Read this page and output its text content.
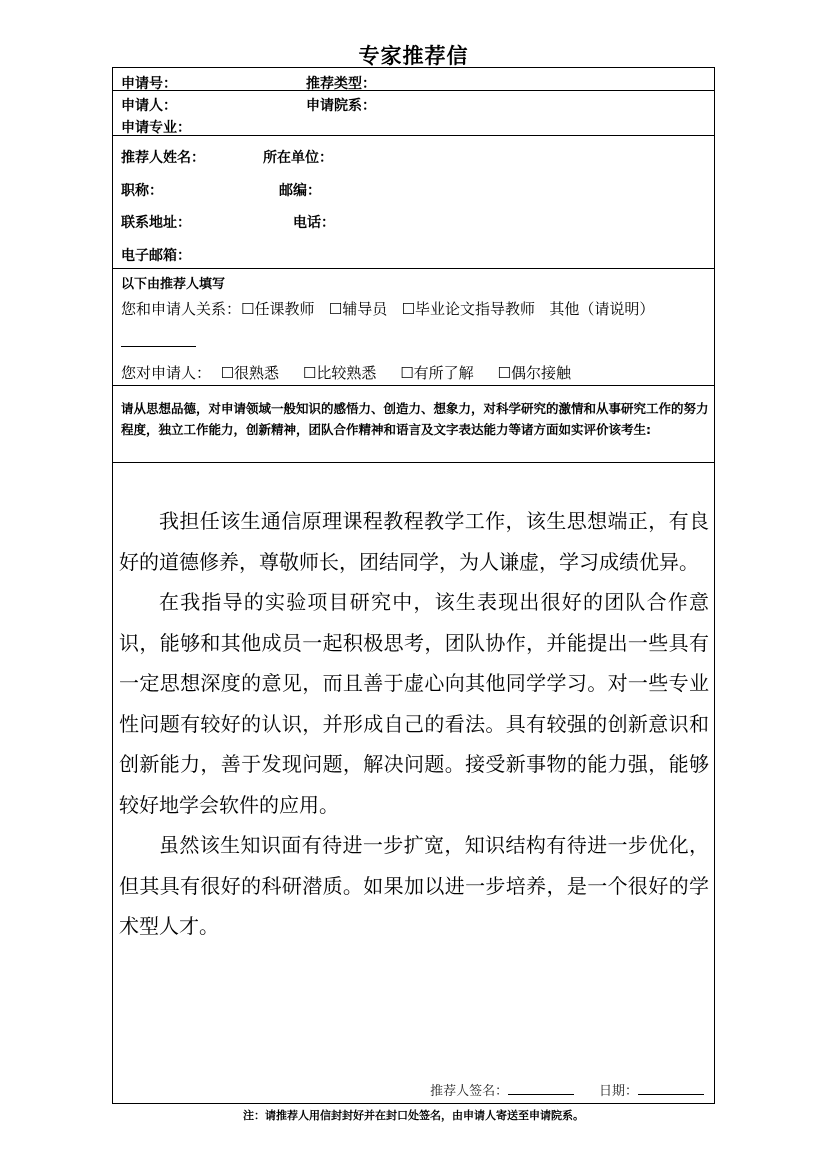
专家推荐信
申请号：	推荐类型：
申请人：	申请院系：
申请专业：
推荐人姓名：	所在单位：
职称：	邮编：
联系地址：	电话：
电子邮箱：
以下由推荐人填写
您和申请人关系：☐任课教师 ☐辅导员 ☐毕业论文指导教师 其他（请说明）
您对申请人： ☐很熟悉 ☐比较熟悉 ☐有所了解 ☐偶尔接触
请从思想品德，对申请领域一般知识的感悟力、创造力、想象力，对科学研究的激情和从事研究工作的努力程度，独立工作能力，创新精神，团队合作精神和语言及文字表达能力等诸方面如实评价该考生:

我担任该生通信原理课程教程教学工作，该生思想端正，有良好的道德修养，尊敬师长，团结同学，为人谦虚，学习成绩优异。

在我指导的实验项目研究中，该生表现出很好的团队合作意识，能够和其他成员一起积极思考，团队协作，并能提出一些具有一定思想深度的意见，而且善于虚心向其他同学学习。对一些专业性问题有较好的认识，并形成自己的看法。具有较强的创新意识和创新能力，善于发现问题，解决问题。接受新事物的能力强，能够较好地学会软件的应用。

虽然该生知识面有待进一步扩宽，知识结构有待进一步优化，但其具有很好的科研潜质。如果加以进一步培养，是一个很好的学术型人才。

推荐人签名：	日期：
注：请推荐人用信封封好并在封口处签名，由申请人寄送至申请院系。
